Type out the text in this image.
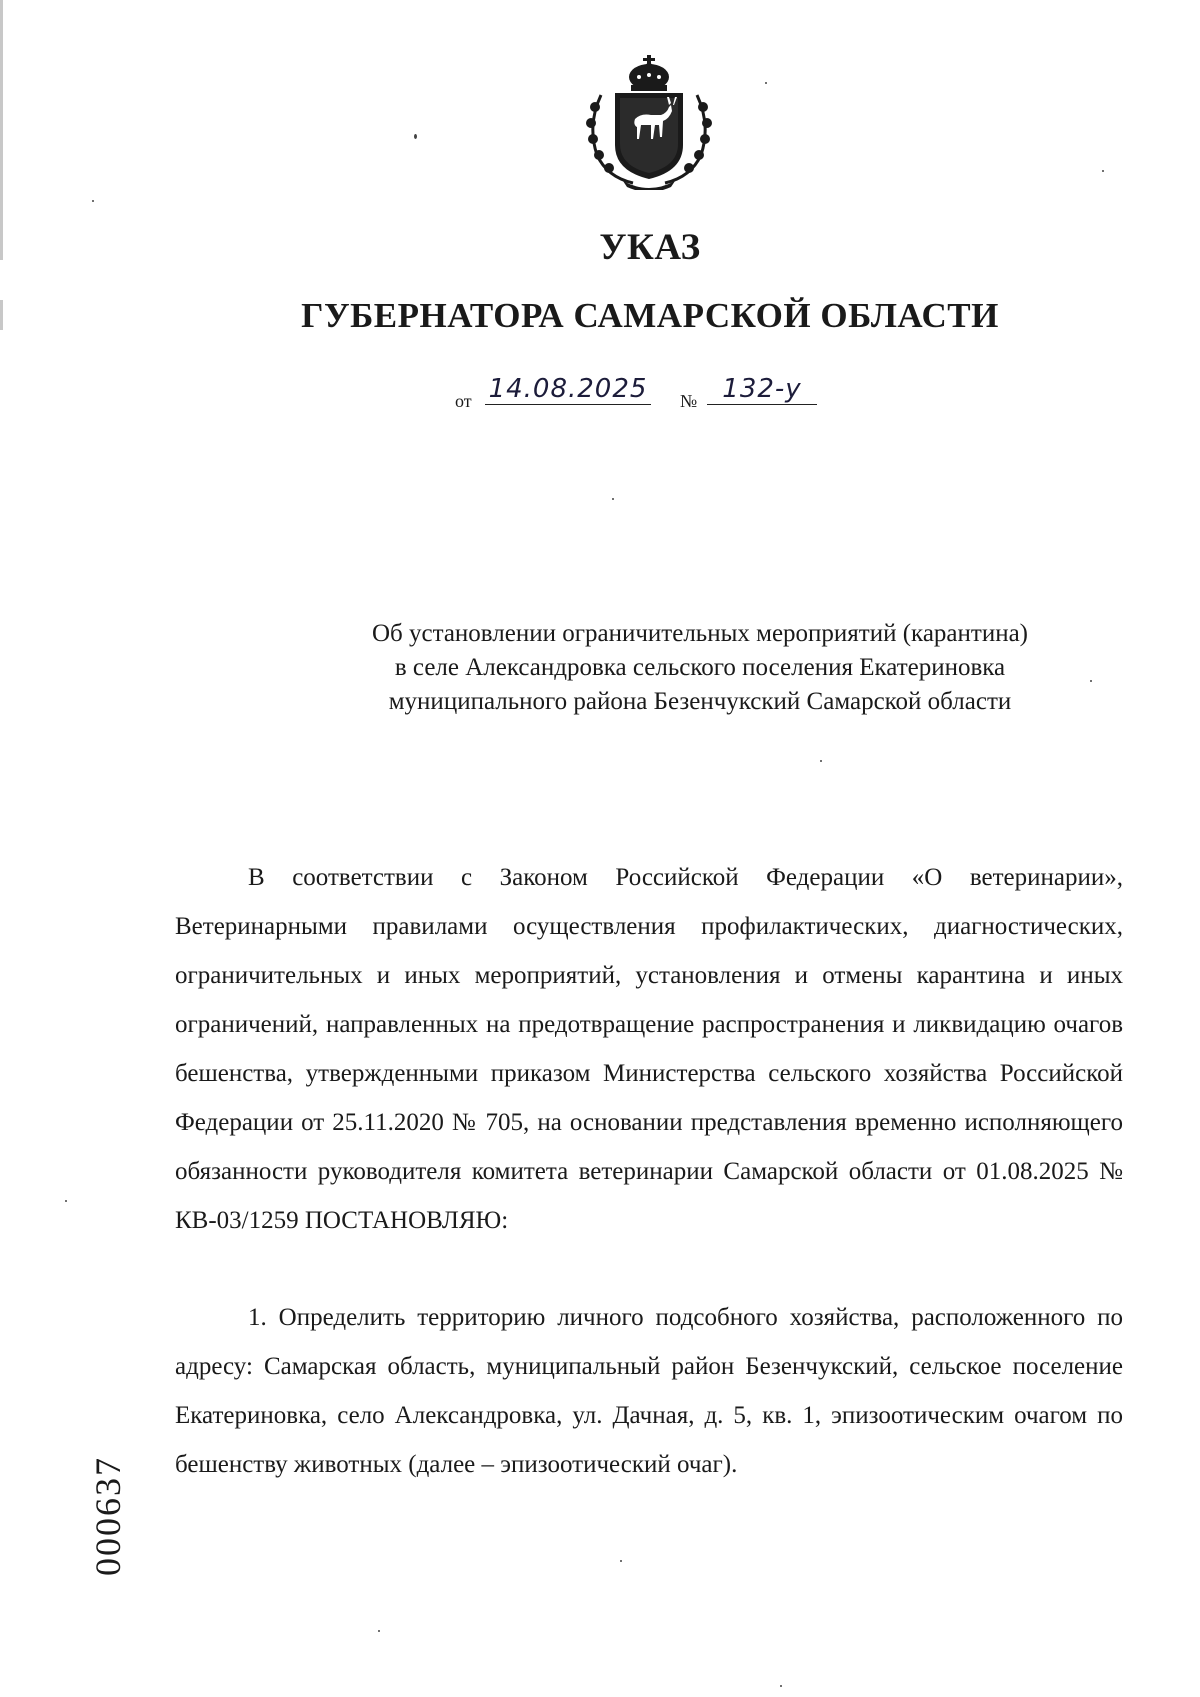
УКАЗ
ГУБЕРНАТОРА САМАРСКОЙ ОБЛАСТИ
от 14.08.2025 № 132-у
Об установлении ограничительных мероприятий (карантина)
в селе Александровка сельского поселения Екатериновка
муниципального района Безенчукский Самарской области

В соответствии с Законом Российской Федерации «О ветеринарии», Ветеринарными правилами осуществления профилактических, диагностических, ограничительных и иных мероприятий, установления и отмены карантина и иных ограничений, направленных на предотвращение распространения и ликвидацию очагов бешенства, утвержденными приказом Министерства сельского хозяйства Российской Федерации от 25.11.2020 № 705, на основании представления временно исполняющего обязанности руководителя комитета ветеринарии Самарской области от 01.08.2025 № КВ-03/1259 ПОСТАНОВЛЯЮ:

1. Определить территорию личного подсобного хозяйства, расположенного по адресу: Самарская область, муниципальный район Безенчукский, сельское поселение Екатериновка, село Александровка, ул. Дачная, д. 5, кв. 1, эпизоотическим очагом по бешенству животных (далее – эпизоотический очаг).

000637
